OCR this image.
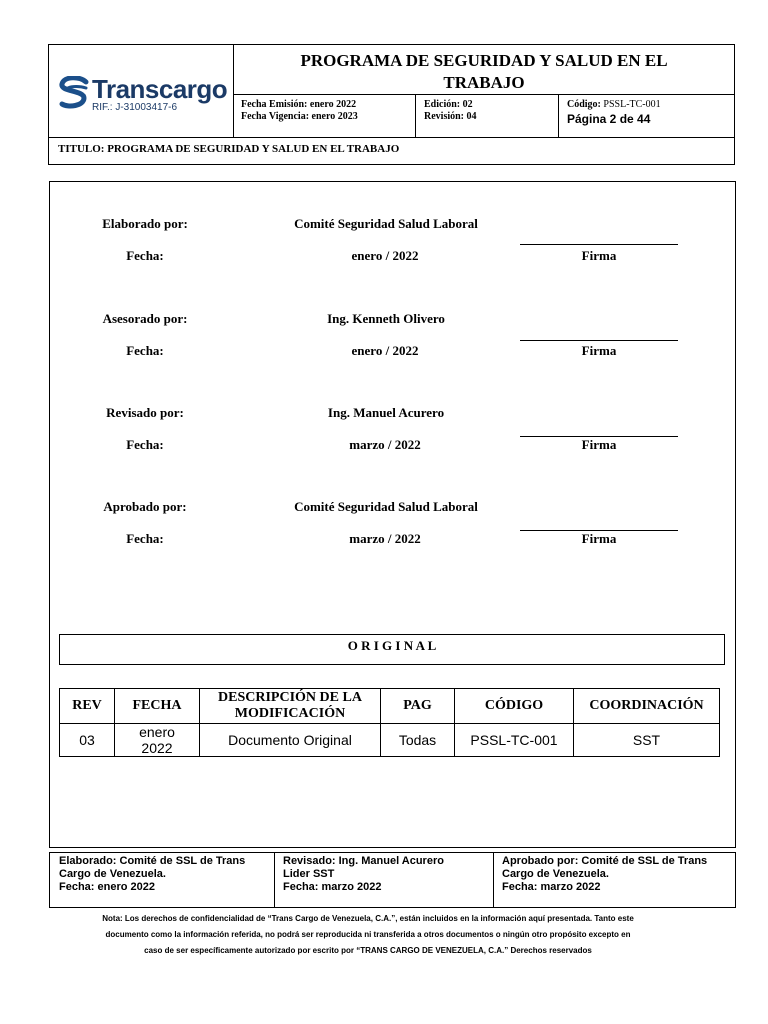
Transcargo
RIF.: J-31003417-6
PROGRAMA DE SEGURIDAD Y SALUD EN EL
TRABAJO
Fecha Emisión: enero 2022
Fecha Vigencia: enero 2023
Edición: 02
Revisión: 04
Código: PSSL-TC-001
Página 2 de 44
TITULO: PROGRAMA DE SEGURIDAD Y SALUD EN EL TRABAJO
Elaborado por:	Comité Seguridad Salud Laboral
Fecha:	enero / 2022	Firma
Asesorado por:	Ing. Kenneth Olivero
Fecha:	enero / 2022	Firma
Revisado por:	Ing. Manuel Acurero
Fecha:	marzo / 2022	Firma
Aprobado por:	Comité Seguridad Salud Laboral
Fecha:	marzo / 2022	Firma
O R I G I N A L
REV	FECHA	DESCRIPCIÓN DE LA MODIFICACIÓN	PAG	CÓDIGO	COORDINACIÓN
03	enero 2022	Documento Original	Todas	PSSL-TC-001	SST
Elaborado: Comité de SSL de Trans
Cargo de Venezuela.
Fecha: enero 2022
Revisado: Ing. Manuel Acurero
Lider SST
Fecha: marzo 2022
Aprobado por: Comité de SSL de Trans
Cargo de Venezuela.
Fecha: marzo 2022
Nota: Los derechos de confidencialidad de “Trans Cargo de Venezuela, C.A.”, están incluidos en la información aquí presentada. Tanto este
documento como la información referida, no podrá ser reproducida ni transferida a otros documentos o ningún otro propósito excepto en
caso de ser específicamente autorizado por escrito por “TRANS CARGO DE VENEZUELA, C.A.” Derechos reservados
